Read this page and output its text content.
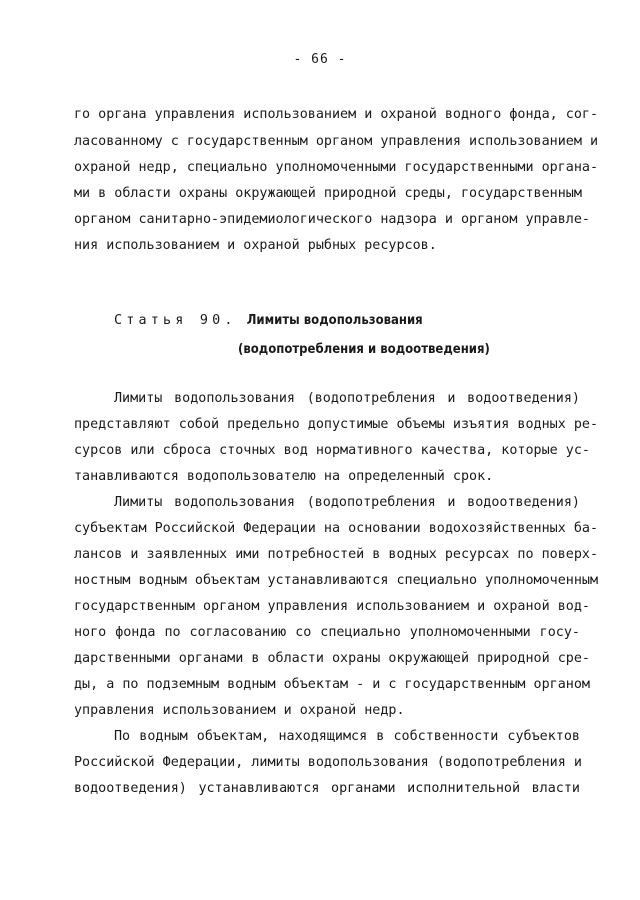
- 66 -
го органа управления использованием и охраной водного фонда, сог-
ласованному с государственным органом управления использованием и
охраной недр, специально уполномоченными государственными органа-
ми в области охраны окружающей природной среды, государственным
органом санитарно-эпидемиологического надзора и органом управле-
ния использованием и охраной рыбных ресурсов.
Статья 90. Лимиты водопользования
(водопотребления и водоотведения)
Лимиты водопользования (водопотребления и водоотведения)
представляют собой предельно допустимые объемы изъятия водных ре-
сурсов или сброса сточных вод нормативного качества, которые ус-
танавливаются водопользователю на определенный срок.
Лимиты водопользования (водопотребления и водоотведения)
субъектам Российской Федерации на основании водохозяйственных ба-
лансов и заявленных ими потребностей в водных ресурсах по поверх-
ностным водным объектам устанавливаются специально уполномоченным
государственным органом управления использованием и охраной вод-
ного фонда по согласованию со специально уполномоченными госу-
дарственными органами в области охраны окружающей природной сре-
ды, а по подземным водным объектам - и с государственным органом
управления использованием и охраной недр.
По водным объектам, находящимся в собственности субъектов
Российской Федерации, лимиты водопользования (водопотребления и
водоотведения) устанавливаются органами исполнительной власти
